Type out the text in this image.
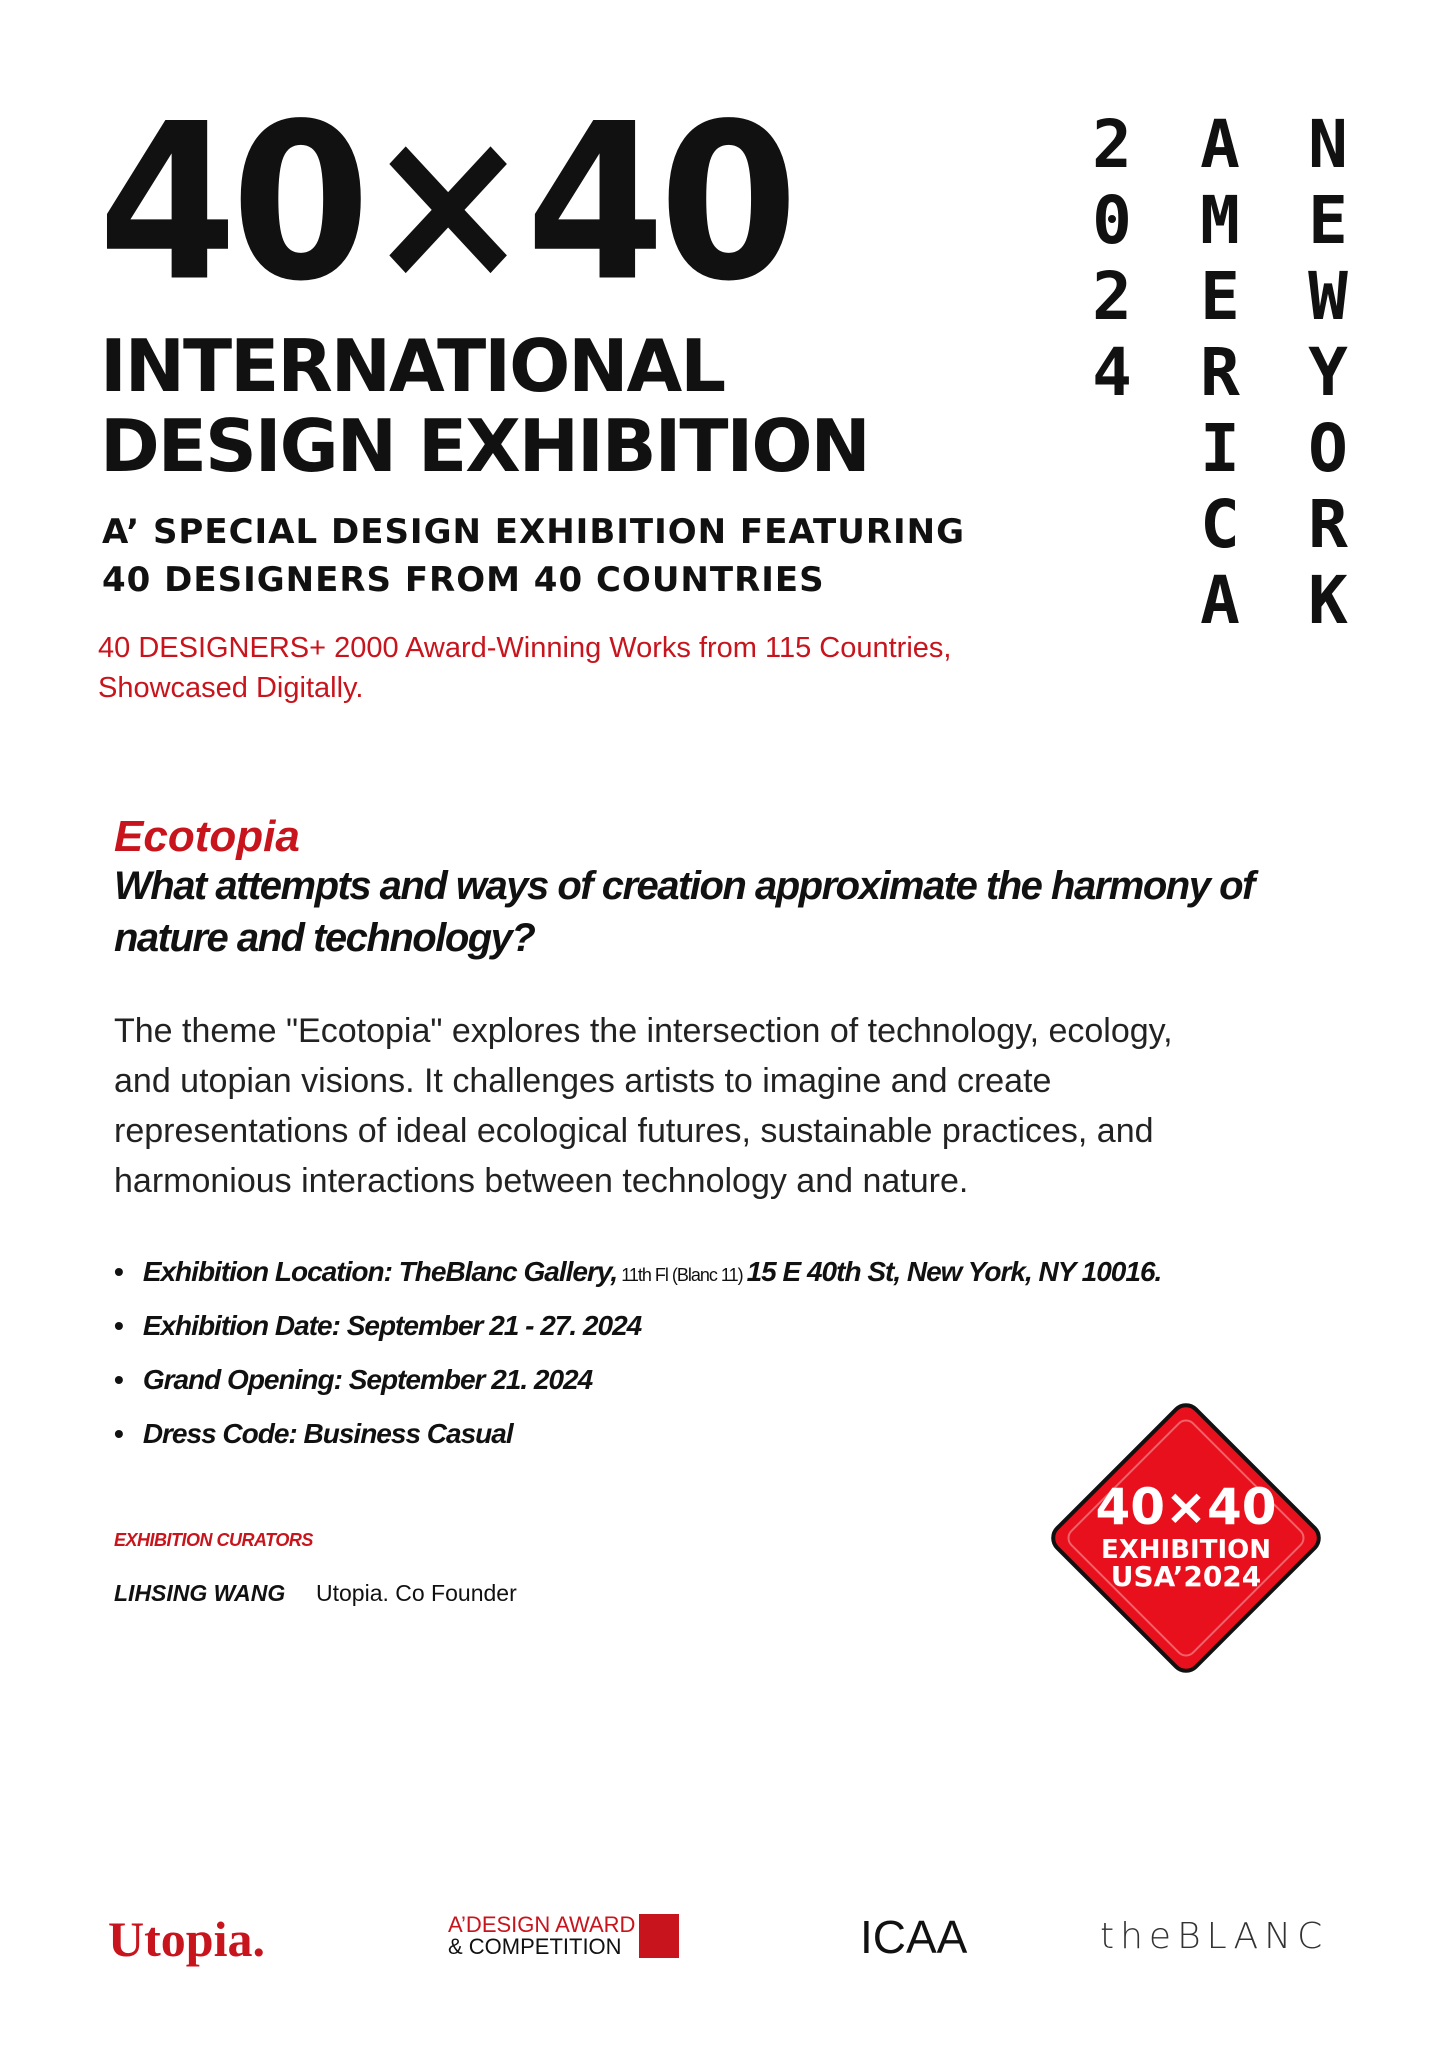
40×40
INTERNATIONAL
DESIGN EXHIBITION
A’ SPECIAL DESIGN EXHIBITION FEATURING
40 DESIGNERS FROM 40 COUNTRIES
40 DESIGNERS+ 2000 Award-Winning Works from 115 Countries,
Showcased Digitally.
2
0
2
4
A
M
E
R
I
C
A
N
E
W
Y
O
R
K
Ecotopia
What attempts and ways of creation approximate the harmony of
nature and technology?
The theme "Ecotopia" explores the intersection of technology, ecology,
and utopian visions. It challenges artists to imagine and create
representations of ideal ecological futures, sustainable practices, and
harmonious interactions between technology and nature.
• Exhibition Location: TheBlanc Gallery, 11th Fl (Blanc 11) 15 E 40th St, New York, NY 10016.
• Exhibition Date: September 21 - 27. 2024
• Grand Opening: September 21. 2024
• Dress Code: Business Casual
EXHIBITION CURATORS
LIHSING WANG Utopia. Co Founder
40×40
EXHIBITION
USA’2024
Utopia.	A’DESIGN AWARD
& COMPETITION	ICAA	theBLANC
